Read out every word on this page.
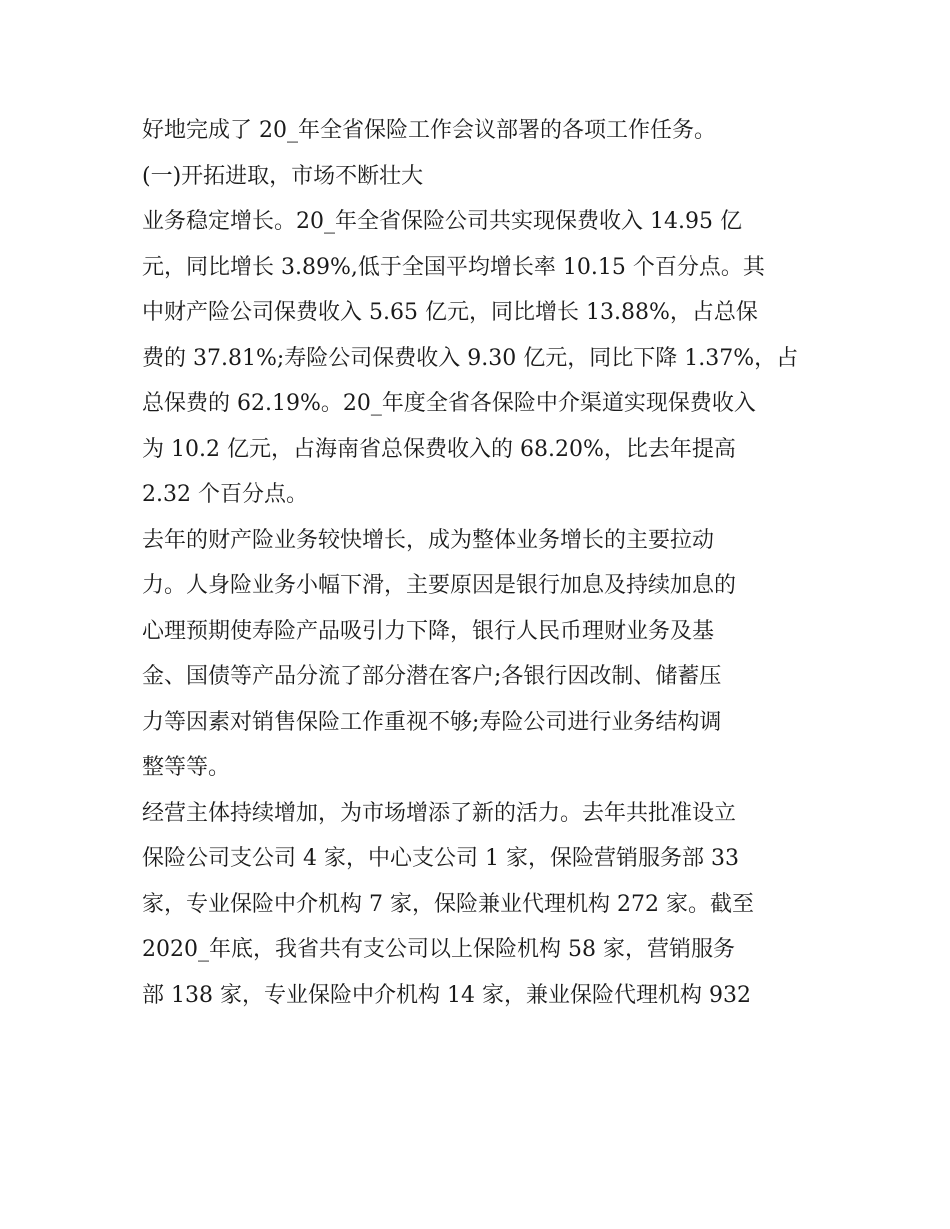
好地完成了 20_年全省保险工作会议部署的各项工作任务。
(一)开拓进取，市场不断壮大
业务稳定增长。20_年全省保险公司共实现保费收入 14.95 亿
元，同比增长 3.89%,低于全国平均增长率 10.15 个百分点。其
中财产险公司保费收入 5.65 亿元，同比增长 13.88%，占总保
费的 37.81%;寿险公司保费收入 9.30 亿元，同比下降 1.37%，占
总保费的 62.19%。20_年度全省各保险中介渠道实现保费收入
为 10.2 亿元，占海南省总保费收入的 68.20%，比去年提高
2.32 个百分点。
去年的财产险业务较快增长，成为整体业务增长的主要拉动
力。人身险业务小幅下滑，主要原因是银行加息及持续加息的
心理预期使寿险产品吸引力下降，银行人民币理财业务及基
金、国债等产品分流了部分潜在客户;各银行因改制、储蓄压
力等因素对销售保险工作重视不够;寿险公司进行业务结构调
整等等。
经营主体持续增加，为市场增添了新的活力。去年共批准设立
保险公司支公司 4 家，中心支公司 1 家，保险营销服务部 33
家，专业保险中介机构 7 家，保险兼业代理机构 272 家。截至
2020_年底，我省共有支公司以上保险机构 58 家，营销服务
部 138 家，专业保险中介机构 14 家，兼业保险代理机构 932
